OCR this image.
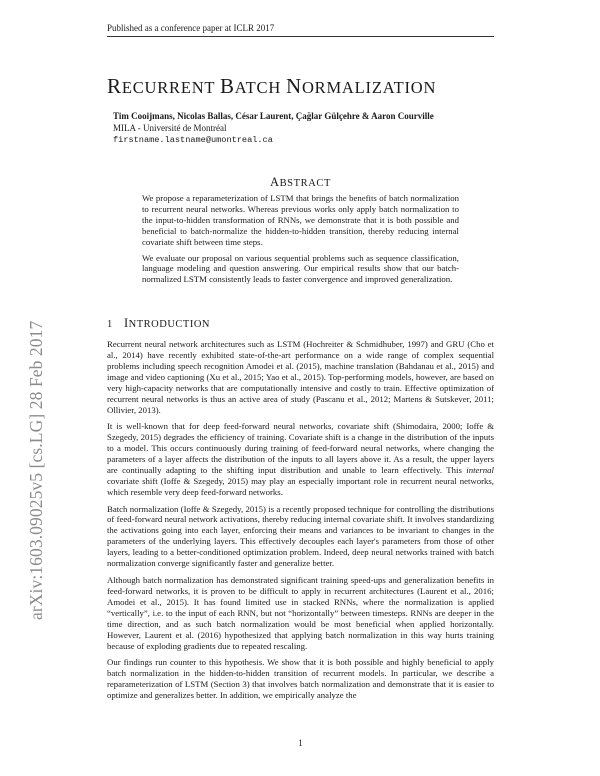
Published as a conference paper at ICLR 2017
arXiv:1603.09025v5 [cs.LG] 28 Feb 2017
RECURRENT BATCH NORMALIZATION
Tim Cooijmans, Nicolas Ballas, César Laurent, Çağlar Gülçehre & Aaron Courville
MILA - Université de Montréal
firstname.lastname@umontreal.ca
ABSTRACT

We propose a reparameterization of LSTM that brings the benefits of batch normalization to recurrent neural networks. Whereas previous works only apply batch normalization to the input-to-hidden transformation of RNNs, we demonstrate that it is both possible and beneficial to batch-normalize the hidden-to-hidden transition, thereby reducing internal covariate shift between time steps.

We evaluate our proposal on various sequential problems such as sequence classification, language modeling and question answering. Our empirical results show that our batch-normalized LSTM consistently leads to faster convergence and improved generalization.

1 INTRODUCTION

Recurrent neural network architectures such as LSTM (Hochreiter & Schmidhuber, 1997) and GRU (Cho et al., 2014) have recently exhibited state-of-the-art performance on a wide range of complex sequential problems including speech recognition Amodei et al. (2015), machine translation (Bahdanau et al., 2015) and image and video captioning (Xu et al., 2015; Yao et al., 2015). Top-performing models, however, are based on very high-capacity networks that are computationally intensive and costly to train. Effective optimization of recurrent neural networks is thus an active area of study (Pascanu et al., 2012; Martens & Sutskever, 2011; Ollivier, 2013).

It is well-known that for deep feed-forward neural networks, covariate shift (Shimodaira, 2000; Ioffe & Szegedy, 2015) degrades the efficiency of training. Covariate shift is a change in the distribution of the inputs to a model. This occurs continuously during training of feed-forward neural networks, where changing the parameters of a layer affects the distribution of the inputs to all layers above it. As a result, the upper layers are continually adapting to the shifting input distribution and unable to learn effectively. This internal covariate shift (Ioffe & Szegedy, 2015) may play an especially important role in recurrent neural networks, which resemble very deep feed-forward networks.

Batch normalization (Ioffe & Szegedy, 2015) is a recently proposed technique for controlling the distributions of feed-forward neural network activations, thereby reducing internal covariate shift. It involves standardizing the activations going into each layer, enforcing their means and variances to be invariant to changes in the parameters of the underlying layers. This effectively decouples each layer's parameters from those of other layers, leading to a better-conditioned optimization problem. Indeed, deep neural networks trained with batch normalization converge significantly faster and generalize better.

Although batch normalization has demonstrated significant training speed-ups and generalization benefits in feed-forward networks, it is proven to be difficult to apply in recurrent architectures (Laurent et al., 2016; Amodei et al., 2015). It has found limited use in stacked RNNs, where the normalization is applied “vertically”, i.e. to the input of each RNN, but not “horizontally” between timesteps. RNNs are deeper in the time direction, and as such batch normalization would be most beneficial when applied horizontally. However, Laurent et al. (2016) hypothesized that applying batch normalization in this way hurts training because of exploding gradients due to repeated rescaling.

Our findings run counter to this hypothesis. We show that it is both possible and highly beneficial to apply batch normalization in the hidden-to-hidden transition of recurrent models. In particular, we describe a reparameterization of LSTM (Section 3) that involves batch normalization and demonstrate that it is easier to optimize and generalizes better. In addition, we empirically analyze the

1
